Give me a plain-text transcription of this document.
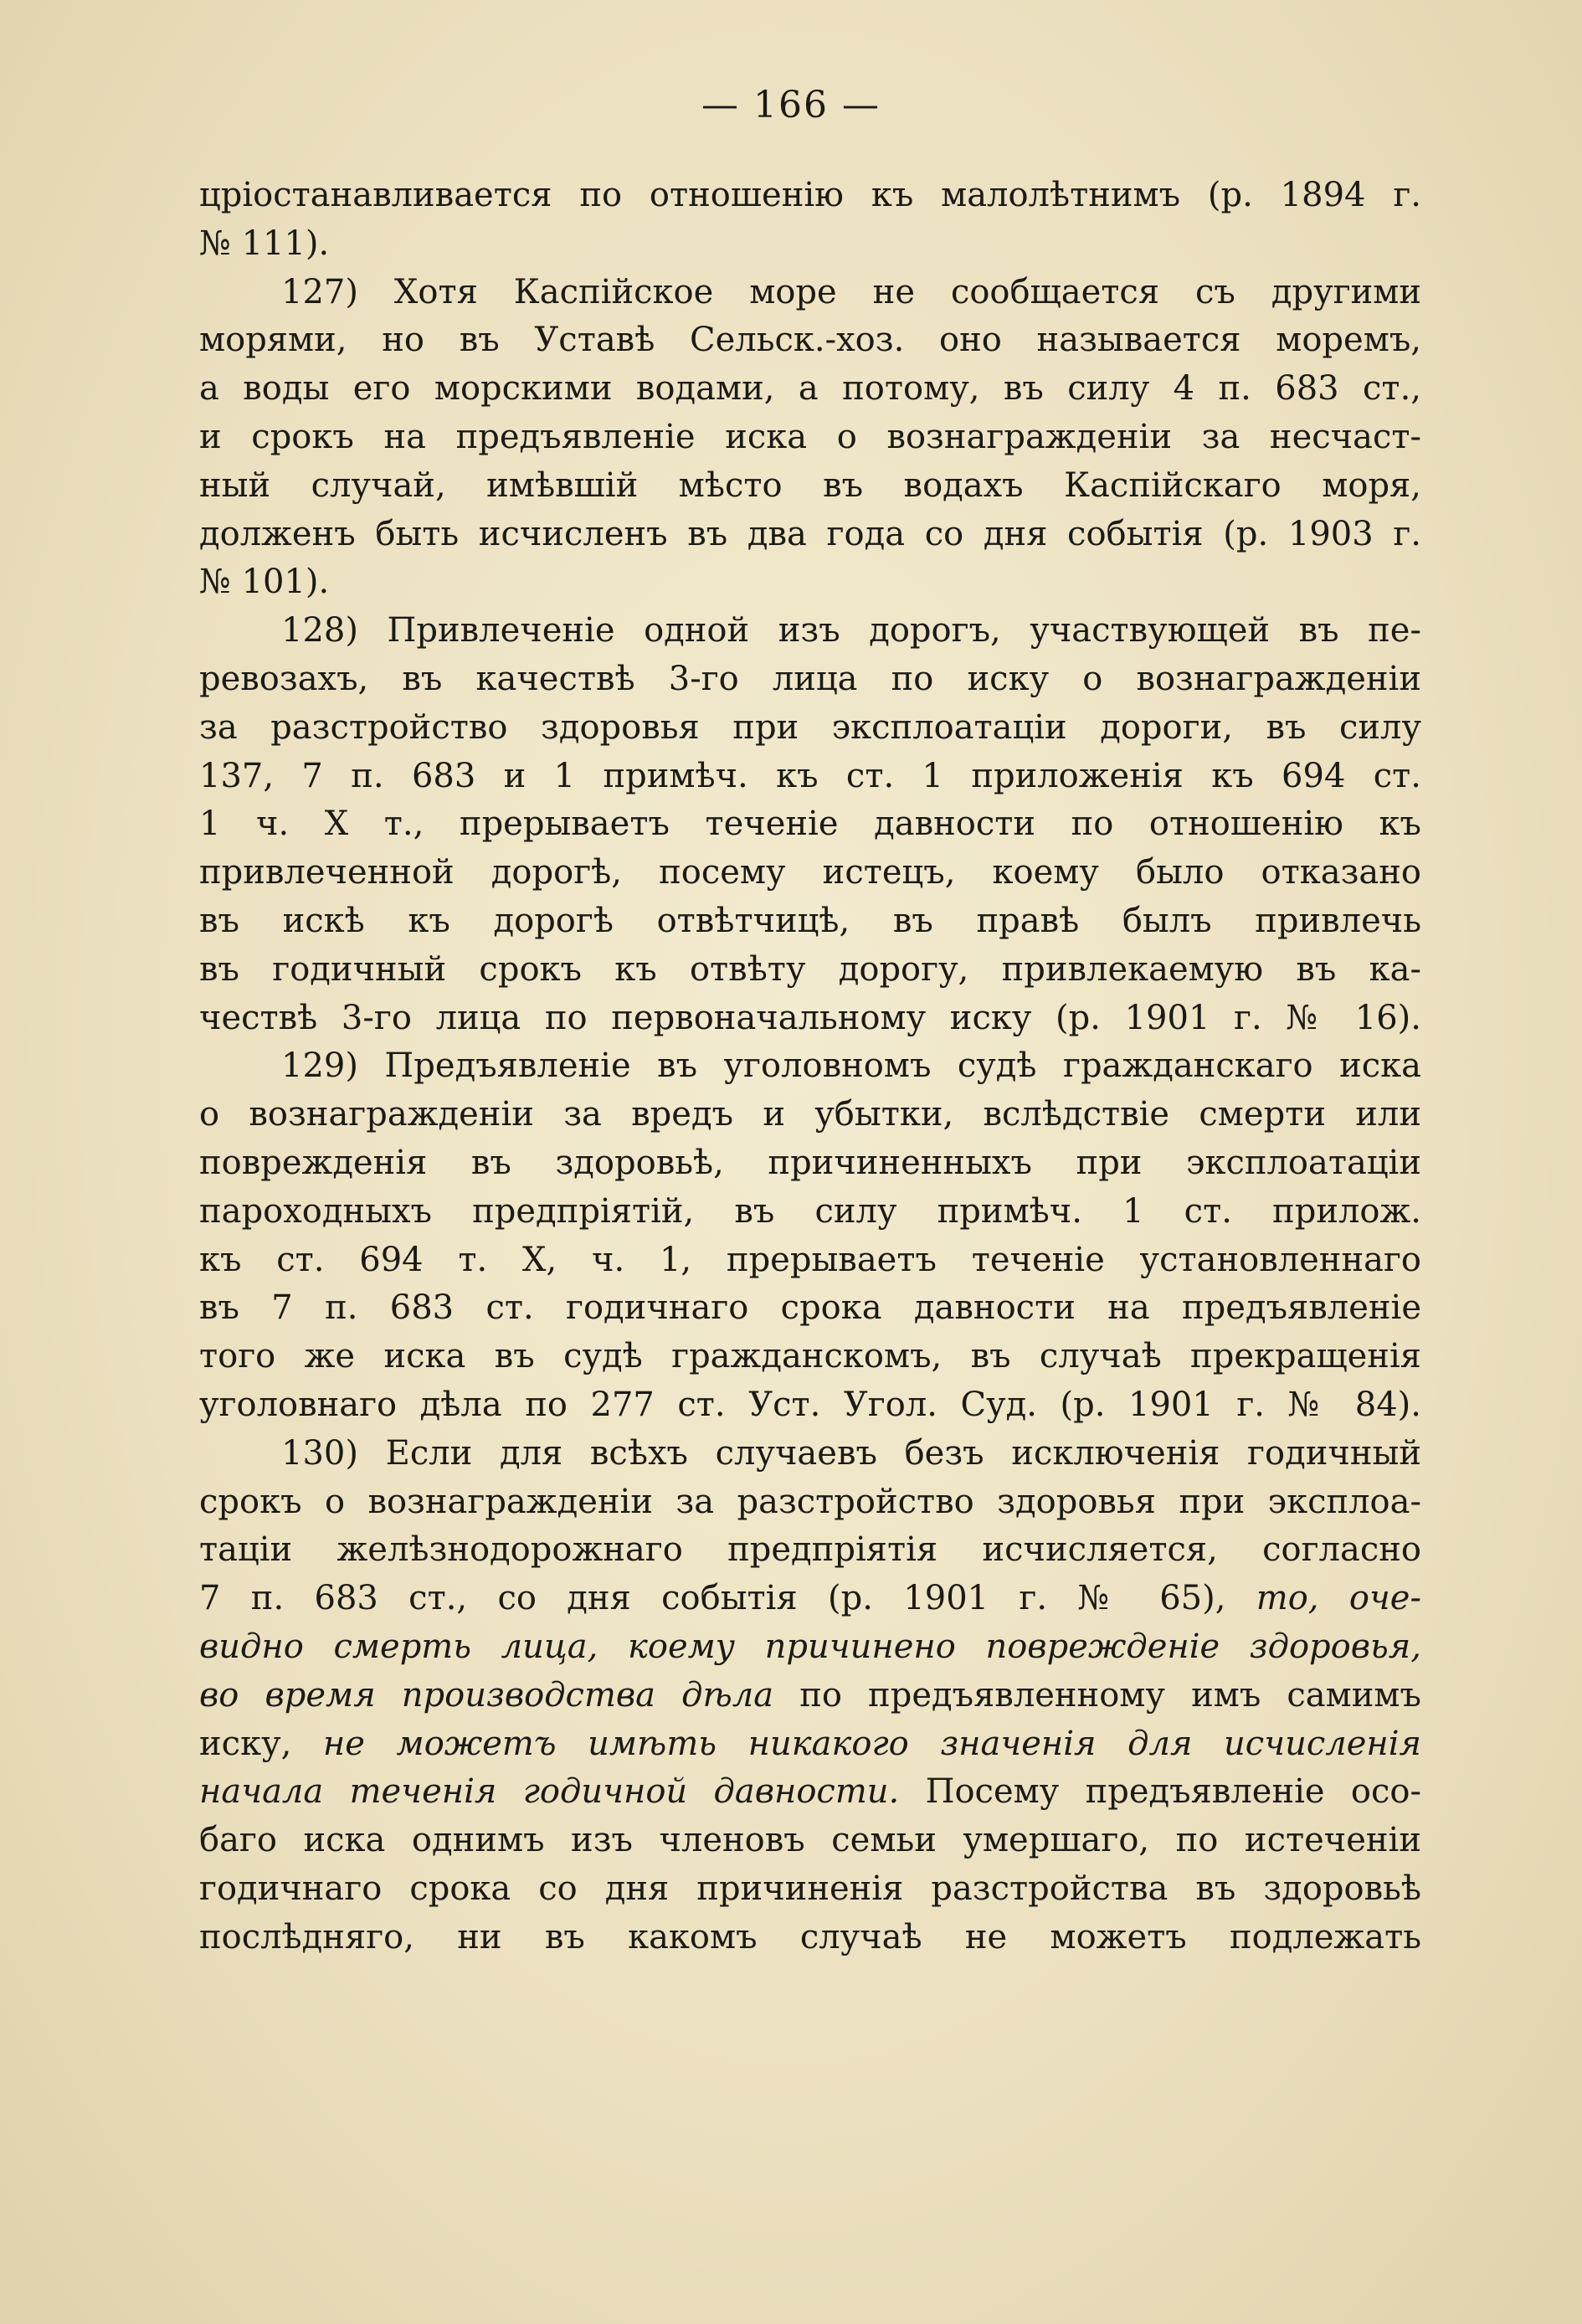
— 166 —
цріостанавливается по отношенію къ малолѣтнимъ (р. 1894 г.
№ 111).
127) Хотя Каспійское море не сообщается съ другими
морями, но въ Уставѣ Сельск.-хоз. оно называется моремъ,
а воды его морскими водами, а потому, въ силу 4 п. 683 ст.,
и срокъ на предъявленіе иска о вознагражденіи за несчаст-
ный случай, имѣвшій мѣсто въ водахъ Каспійскаго моря,
долженъ быть исчисленъ въ два года со дня событія (р. 1903 г.
№ 101).
128) Привлеченіе одной изъ дорогъ, участвующей въ пе-
ревозахъ, въ качествѣ 3-го лица по иску о вознагражденіи
за разстройство здоровья при эксплоатаціи дороги, въ силу
137, 7 п. 683 и 1 примѣч. къ ст. 1 приложенія къ 694 ст.
1 ч. X т., прерываетъ теченіе давности по отношенію къ
привлеченной дорогѣ, посему истецъ, коему было отказано
въ искѣ къ дорогѣ отвѣтчицѣ, въ правѣ былъ привлечь
въ годичный срокъ къ отвѣту дорогу, привлекаемую въ ка-
чествѣ 3-го лица по первоначальному иску (р. 1901 г. № 16).
129) Предъявленіе въ уголовномъ судѣ гражданскаго иска
о вознагражденіи за вредъ и убытки, вслѣдствіе смерти или
поврежденія въ здоровьѣ, причиненныхъ при эксплоатаціи
пароходныхъ предпріятій, въ силу примѣч. 1 ст. прилож.
къ ст. 694 т. X, ч. 1, прерываетъ теченіе установленнаго
въ 7 п. 683 ст. годичнаго срока давности на предъявленіе
того же иска въ судѣ гражданскомъ, въ случаѣ прекращенія
уголовнаго дѣла по 277 ст. Уст. Угол. Суд. (р. 1901 г. № 84).
130) Если для всѣхъ случаевъ безъ исключенія годичный
срокъ о вознагражденіи за разстройство здоровья при эксплоа-
таціи желѣзнодорожнаго предпріятія исчисляется, согласно
7 п. 683 ст., со дня событія (р. 1901 г. № 65), то, оче-
видно смерть лица, коему причинено поврежденіе здоровья,
во время производства дѣла по предъявленному имъ самимъ
иску, не можетъ имѣть никакого значенія для исчисленія
начала теченія годичной давности. Посему предъявленіе осо-
баго иска однимъ изъ членовъ семьи умершаго, по истеченіи
годичнаго срока со дня причиненія разстройства въ здоровьѣ
послѣдняго, ни въ какомъ случаѣ не можетъ подлежать
